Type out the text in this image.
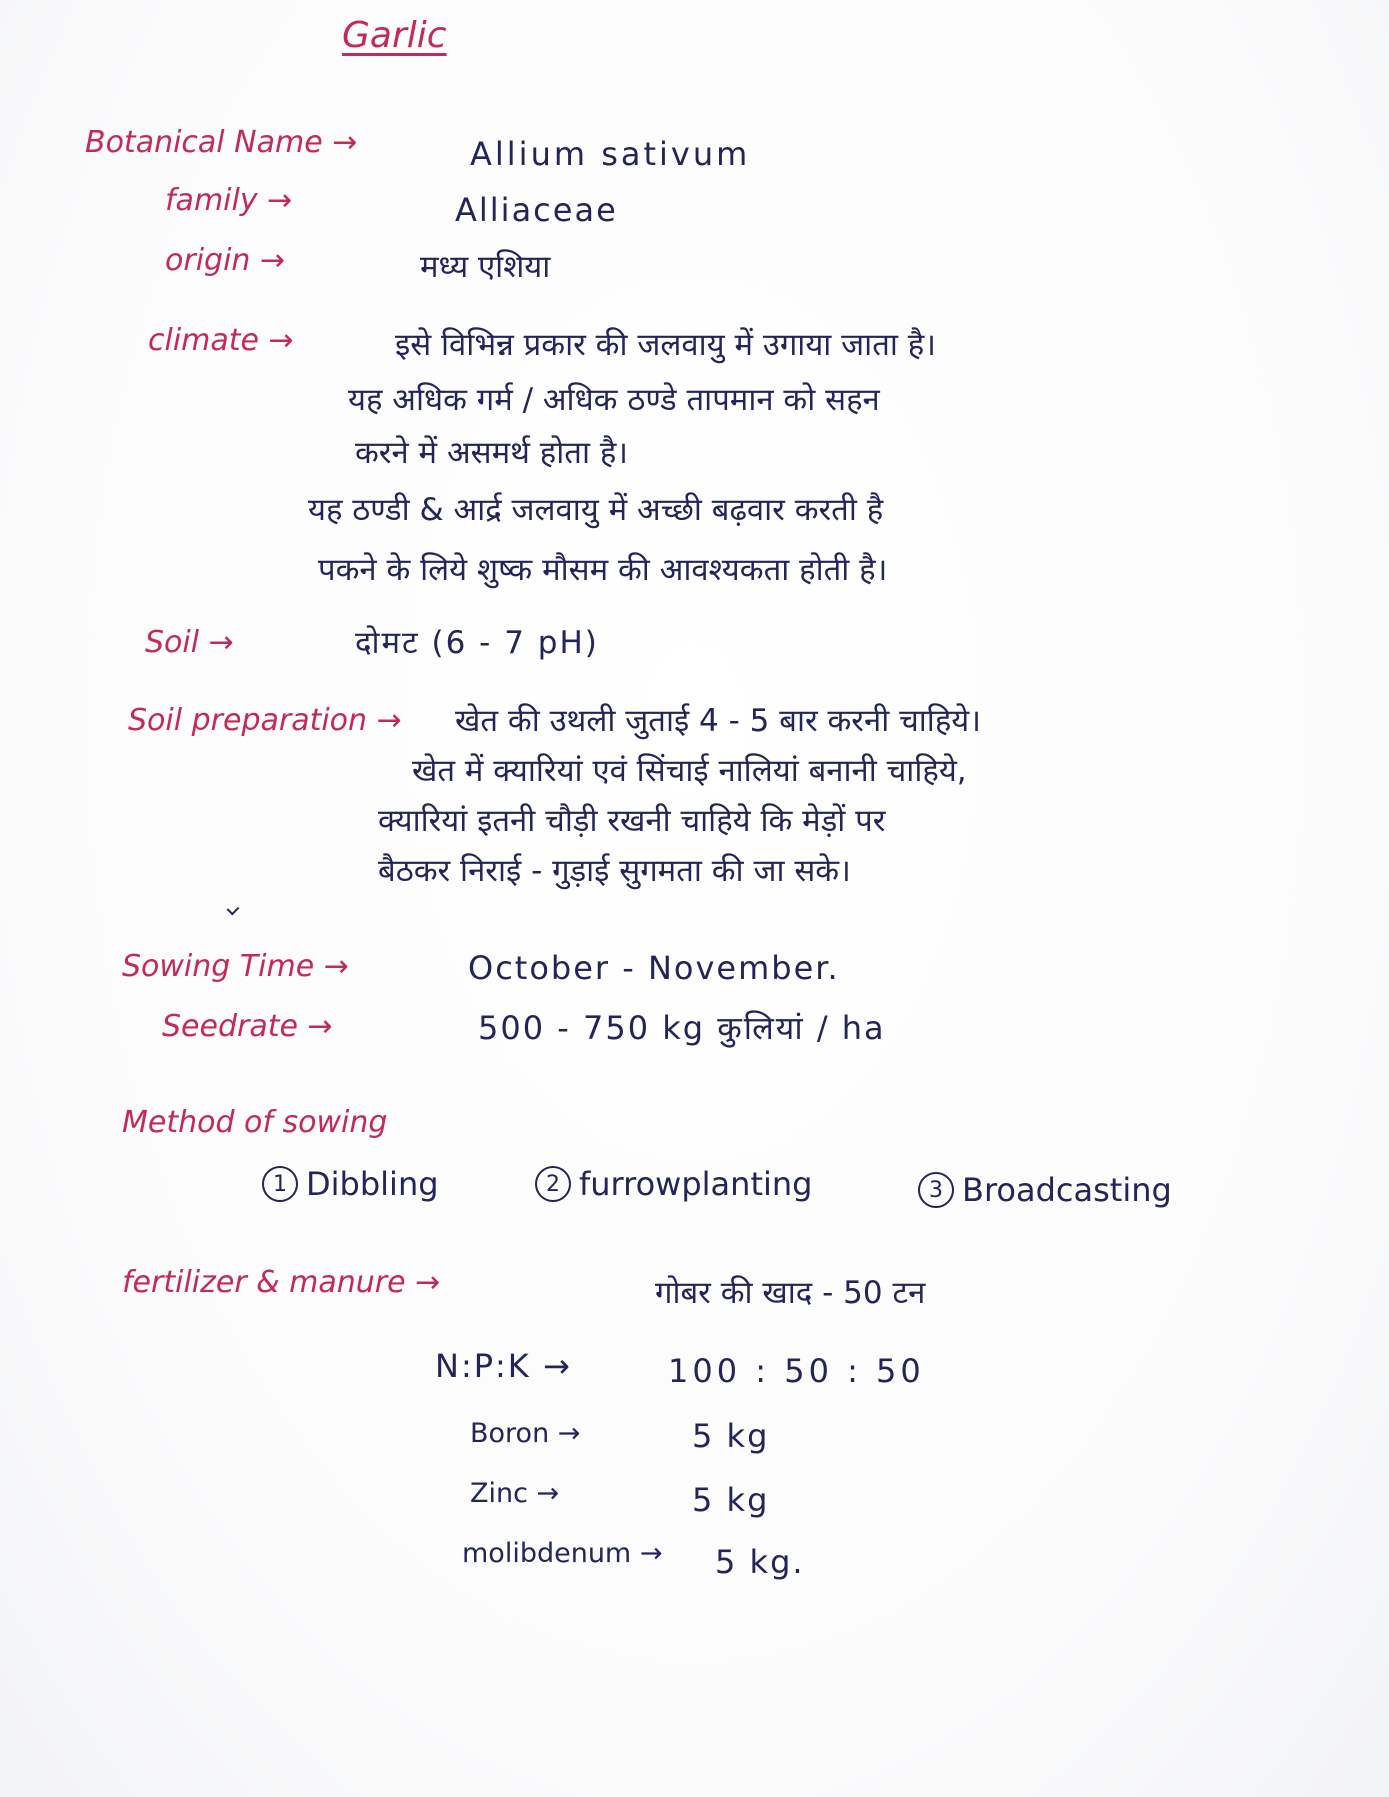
Garlic
Botanical Name →	Allium sativum
family →	Alliaceae
origin →	मध्य एशिया
climate →	इसे विभिन्न प्रकार की जलवायु में उगाया जाता है।
यह अधिक गर्म / अधिक ठण्डे तापमान को सहन
करने में असमर्थ होता है।
यह ठण्डी & आर्द्र जलवायु में अच्छी बढ़वार करती है
पकने के लिये शुष्क मौसम की आवश्यकता होती है।
Soil →	दोमट (6 - 7 pH)
Soil preparation → खेत की उथली जुताई 4 - 5 बार करनी चाहिये।
खेत में क्यारियां एवं सिंचाई नालियां बनानी चाहिये,
क्यारियां इतनी चौड़ी रखनी चाहिये कि मेड़ों पर
बैठकर निराई - गुड़ाई सुगमता की जा सके।
Sowing Time →	October - November.
Seedrate →	500 - 750 kg कुलियां / ha
Method of sowing
1 Dibbling	2 furrowplanting	3 Broadcasting
fertilizer & manure →	गोबर की खाद - 50 टन
N:P:K →	100 : 50 : 50
Boron →	5 kg
Zinc →	5 kg
molibdenum → 5 kg.
